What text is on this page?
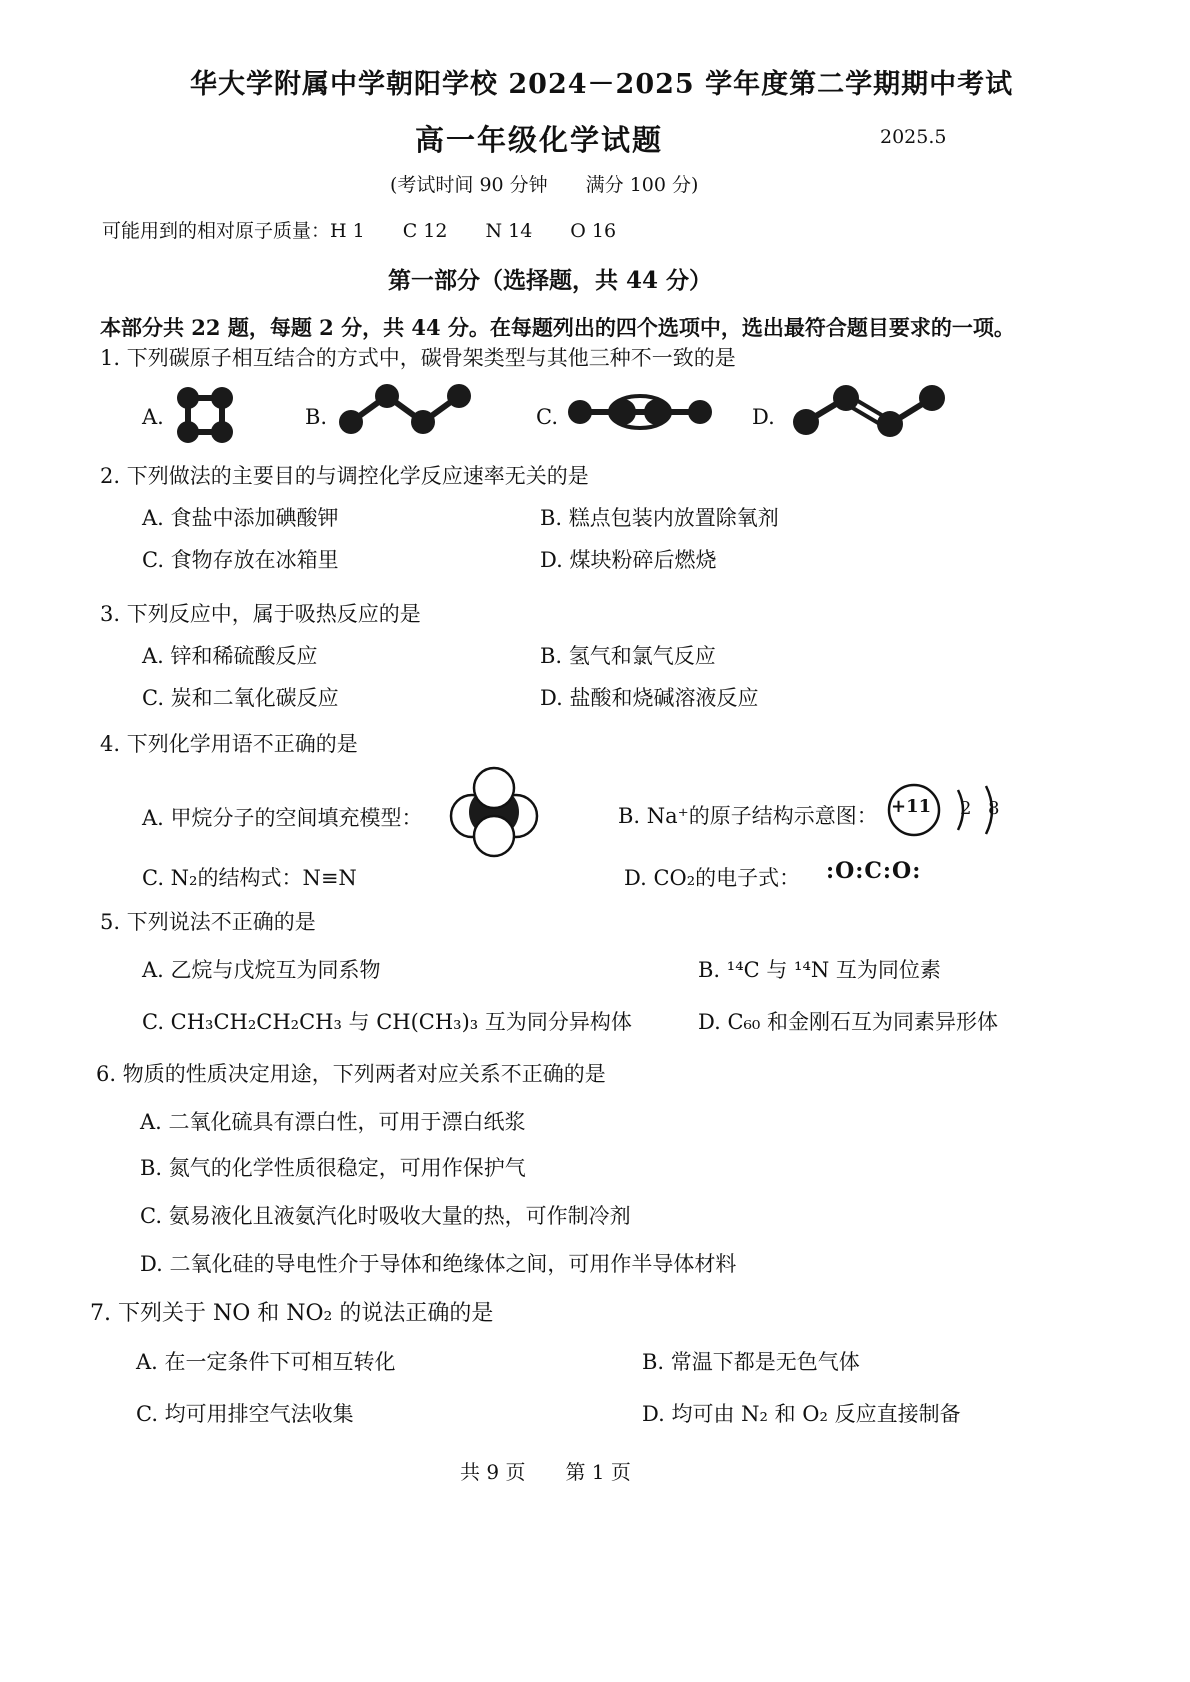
华大学附属中学朝阳学校 2024－2025 学年度第二学期期中考试
高一年级化学试题	2025.5
(考试时间 90 分钟　　满分 100 分)
可能用到的相对原子质量：H 1　　C 12　　N 14　　O 16
第一部分（选择题，共 44 分）
本部分共 22 题，每题 2 分，共 44 分。在每题列出的四个选项中，选出最符合题目要求的一项。
1. 下列碳原子相互结合的方式中，碳骨架类型与其他三种不一致的是
A.	B.	C.	D.
2. 下列做法的主要目的与调控化学反应速率无关的是
A. 食盐中添加碘酸钾	B. 糕点包装内放置除氧剂
C. 食物存放在冰箱里	D. 煤块粉碎后燃烧
3. 下列反应中，属于吸热反应的是
A. 锌和稀硫酸反应	B. 氢气和氯气反应
C. 炭和二氧化碳反应	D. 盐酸和烧碱溶液反应
4. 下列化学用语不正确的是
A. 甲烷分子的空间填充模型：	B. Na⁺的原子结构示意图： +11 2 8
C. N₂的结构式：N≡N	D. CO₂的电子式： :O:C:O:
5. 下列说法不正确的是
A. 乙烷与戊烷互为同系物	B. ¹⁴C 与 ¹⁴N 互为同位素
C. CH₃CH₂CH₂CH₃ 与 CH(CH₃)₃ 互为同分异构体	D. C₆₀ 和金刚石互为同素异形体
6. 物质的性质决定用途，下列两者对应关系不正确的是
A. 二氧化硫具有漂白性，可用于漂白纸浆
B. 氮气的化学性质很稳定，可用作保护气
C. 氨易液化且液氨汽化时吸收大量的热，可作制冷剂
D. 二氧化硅的导电性介于导体和绝缘体之间，可用作半导体材料
7. 下列关于 NO 和 NO₂ 的说法正确的是
A. 在一定条件下可相互转化	B. 常温下都是无色气体
C. 均可用排空气法收集	D. 均可由 N₂ 和 O₂ 反应直接制备
共 9 页　　第 1 页
